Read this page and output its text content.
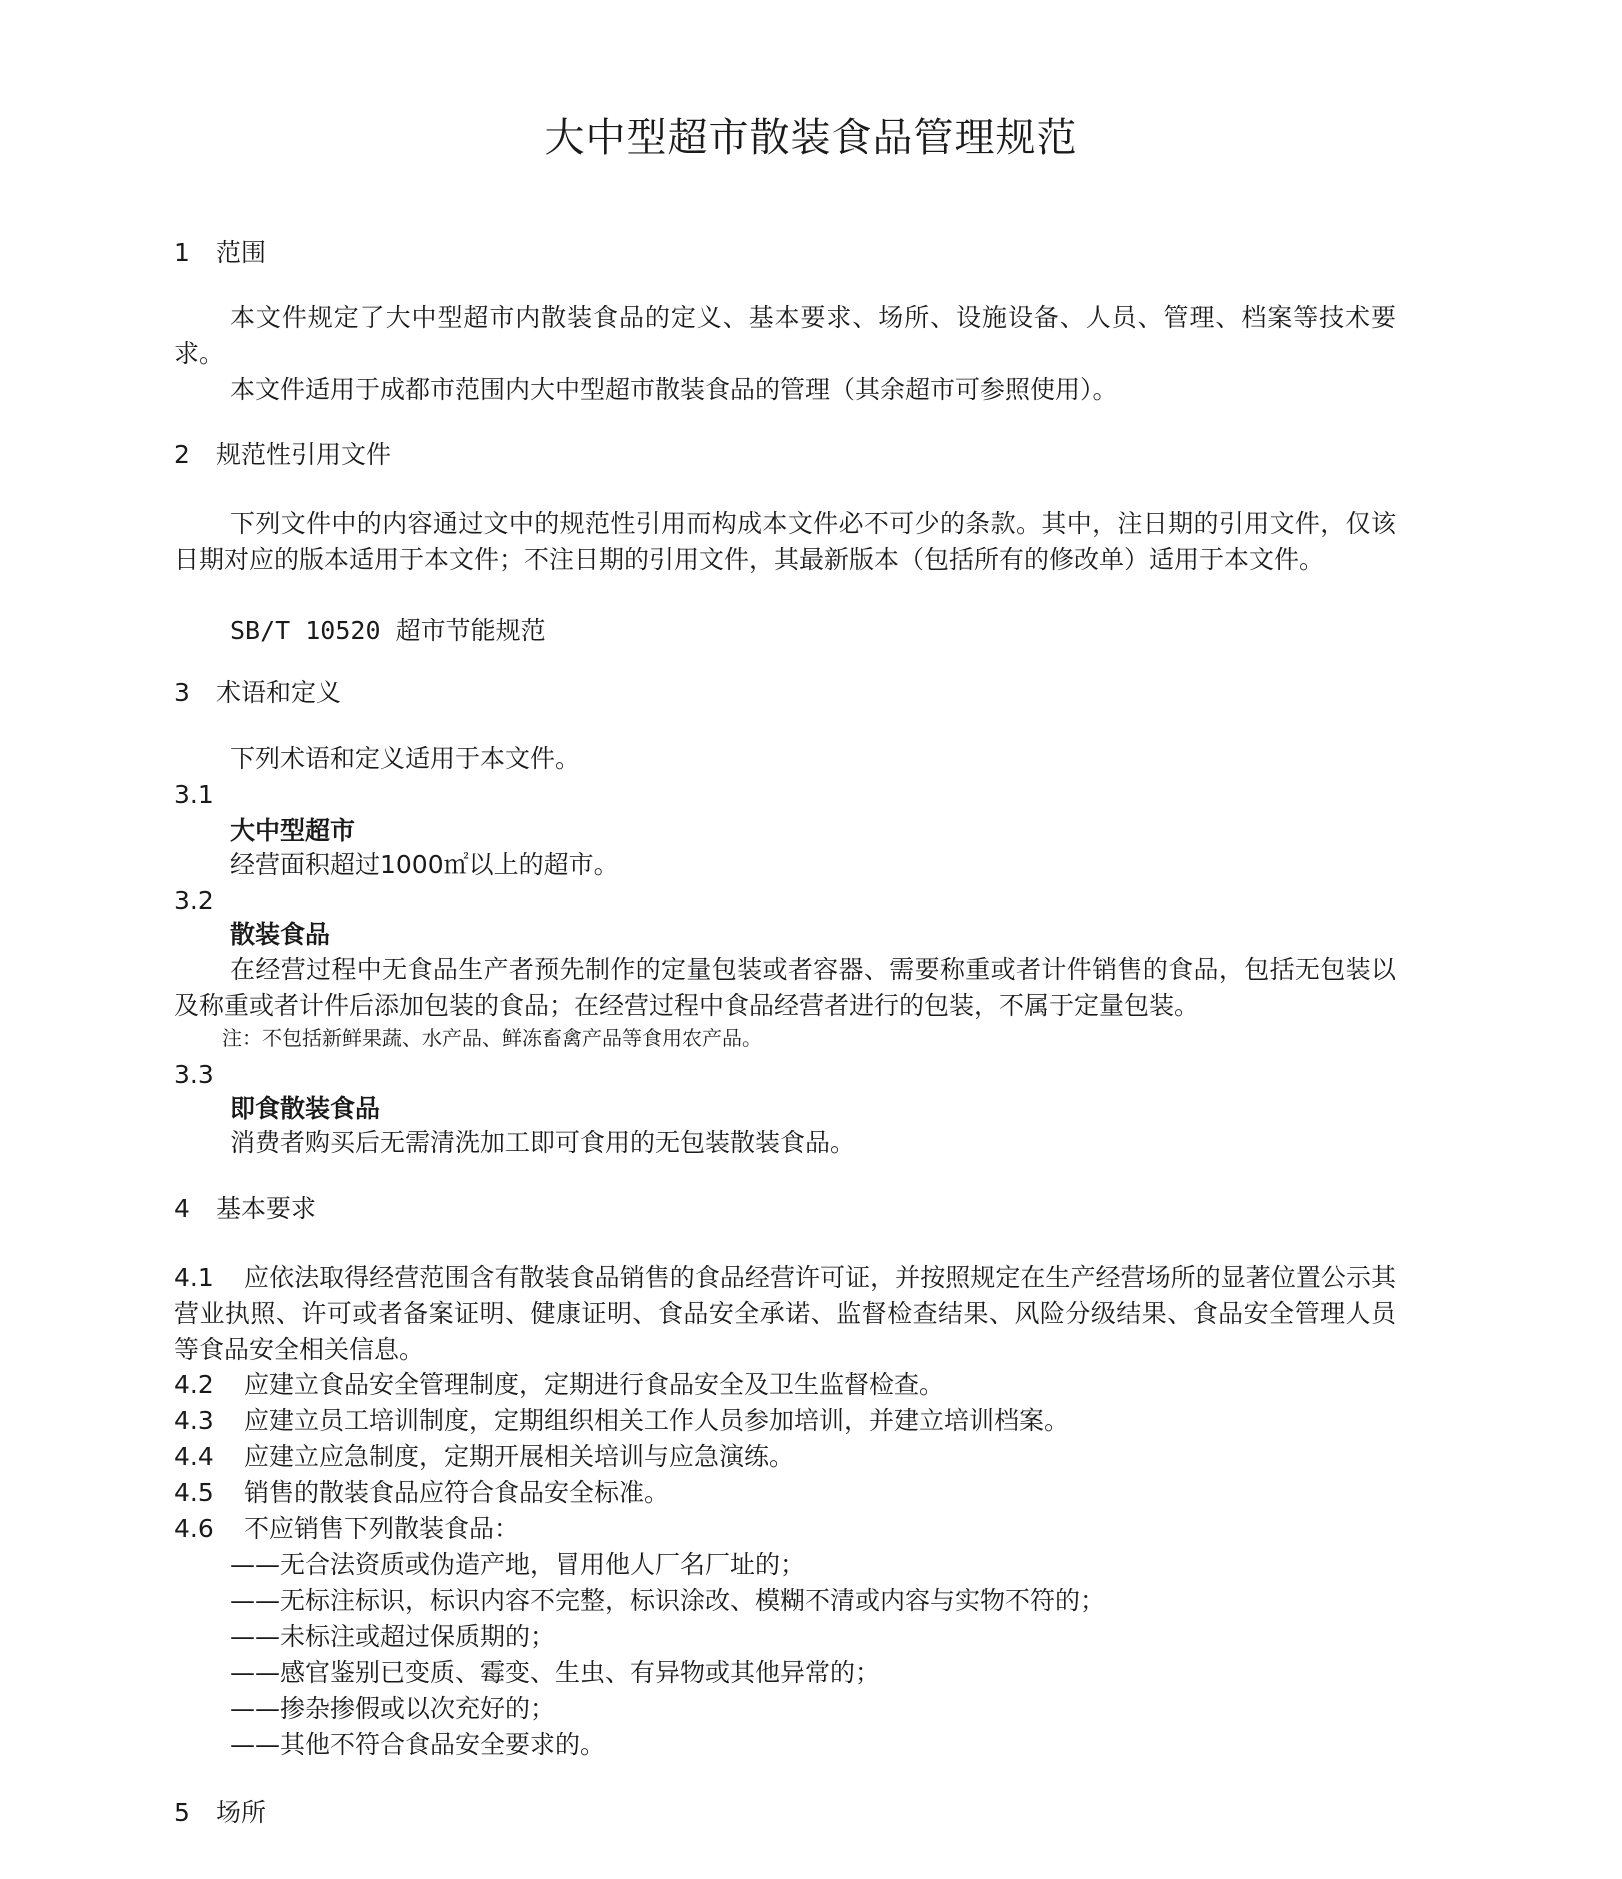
大中型超市散装食品管理规范
1 范围
本文件规定了大中型超市内散装食品的定义、基本要求、场所、设施设备、人员、管理、档案等技术要求。
本文件适用于成都市范围内大中型超市散装食品的管理（其余超市可参照使用）。
2 规范性引用文件
下列文件中的内容通过文中的规范性引用而构成本文件必不可少的条款。其中，注日期的引用文件，仅该日期对应的版本适用于本文件；不注日期的引用文件，其最新版本（包括所有的修改单）适用于本文件。
SB/T 10520 超市节能规范
3 术语和定义
下列术语和定义适用于本文件。
3.1
大中型超市
经营面积超过1000㎡以上的超市。
3.2
散装食品
在经营过程中无食品生产者预先制作的定量包装或者容器、需要称重或者计件销售的食品，包括无包装以及称重或者计件后添加包装的食品；在经营过程中食品经营者进行的包装，不属于定量包装。
注：不包括新鲜果蔬、水产品、鲜冻畜禽产品等食用农产品。
3.3
即食散装食品
消费者购买后无需清洗加工即可食用的无包装散装食品。
4 基本要求
4.1 应依法取得经营范围含有散装食品销售的食品经营许可证，并按照规定在生产经营场所的显著位置公示其营业执照、许可或者备案证明、健康证明、食品安全承诺、监督检查结果、风险分级结果、食品安全管理人员等食品安全相关信息。
4.2 应建立食品安全管理制度，定期进行食品安全及卫生监督检查。
4.3 应建立员工培训制度，定期组织相关工作人员参加培训，并建立培训档案。
4.4 应建立应急制度，定期开展相关培训与应急演练。
4.5 销售的散装食品应符合食品安全标准。
4.6 不应销售下列散装食品：
——无合法资质或伪造产地，冒用他人厂名厂址的；
——无标注标识，标识内容不完整，标识涂改、模糊不清或内容与实物不符的；
——未标注或超过保质期的；
——感官鉴别已变质、霉变、生虫、有异物或其他异常的；
——掺杂掺假或以次充好的；
——其他不符合食品安全要求的。
5 场所
